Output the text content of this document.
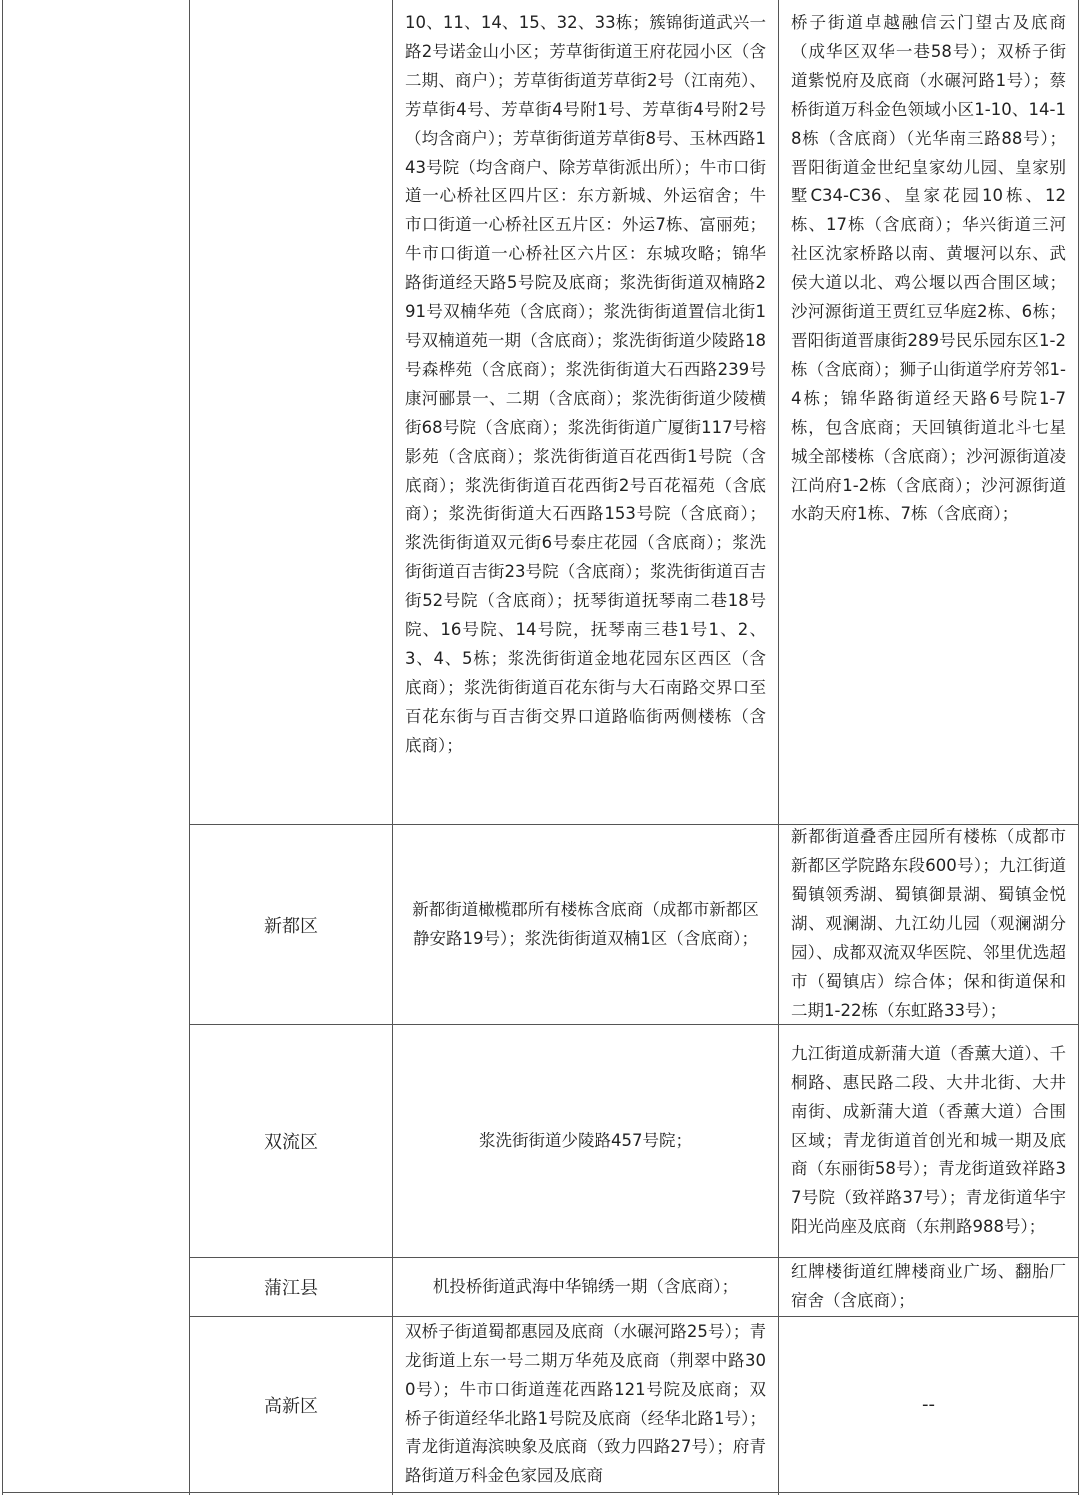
10、11、14、15、32、33栋；簇锦街道武兴一路2号诺金山小区；芳草街街道王府花园小区（含二期、商户）；芳草街街道芳草街2号（江南苑）、芳草街4号、芳草街4号附1号、芳草街4号附2号（均含商户）；芳草街街道芳草街8号、玉林西路143号院（均含商户、除芳草街派出所）；牛市口街道一心桥社区四片区：东方新城、外运宿舍；牛市口街道一心桥社区五片区：外运7栋、富丽苑；牛市口街道一心桥社区六片区：东城攻略；锦华路街道经天路5号院及底商；浆洗街街道双楠路291号双楠华苑（含底商）；浆洗街街道置信北街1号双楠道苑一期（含底商）；浆洗街街道少陵路18号森桦苑（含底商）；浆洗街街道大石西路239号康河郦景一、二期（含底商）；浆洗街街道少陵横街68号院（含底商）；浆洗街街道广厦街117号榕影苑（含底商）；浆洗街街道百花西街1号院（含底商）；浆洗街街道百花西街2号百花福苑（含底商）；浆洗街街道大石西路153号院（含底商）；浆洗街街道双元街6号泰庄花园（含底商）；浆洗街街道百吉街23号院（含底商）；浆洗街街道百吉街52号院（含底商）；抚琴街道抚琴南二巷18号院、16号院、14号院，抚琴南三巷1号1、2、3、4、5栋；浆洗街街道金地花园东区西区（含底商）；浆洗街街道百花东街与大石南路交界口至百花东街与百吉街交界口道路临街两侧楼栋（含底商）；
桥子街道卓越融信云门望古及底商（成华区双华一巷58号）；双桥子街道紫悦府及底商（水碾河路1号）；蔡桥街道万科金色领域小区1-10、14-18栋（含底商）（光华南三路88号）；晋阳街道金世纪皇家幼儿园、皇家别墅C34-C36、皇家花园10栋、12栋、17栋（含底商）；华兴街道三河社区沈家桥路以南、黄堰河以东、武侯大道以北、鸡公堰以西合围区域；沙河源街道王贾红豆华庭2栋、6栋；晋阳街道晋康街289号民乐园东区1-2栋（含底商）；狮子山街道学府芳邻1-4栋；锦华路街道经天路6号院1-7栋，包含底商；天回镇街道北斗七星城全部楼栋（含底商）；沙河源街道凌江尚府1-2栋（含底商）；沙河源街道水韵天府1栋、7栋（含底商）；
新都区
新都街道橄榄郡所有楼栋含底商（成都市新都区静安路19号）；浆洗街街道双楠1区（含底商）；
新都街道叠香庄园所有楼栋（成都市新都区学院路东段600号）；九江街道蜀镇领秀湖、蜀镇御景湖、蜀镇金悦湖、观澜湖、九江幼儿园（观澜湖分园）、成都双流双华医院、邻里优选超市（蜀镇店）综合体；保和街道保和二期1-22栋（东虹路33号）；
双流区	浆洗街街道少陵路457号院；
九江街道成新蒲大道（香薰大道）、千桐路、惠民路二段、大井北街、大井南街、成新蒲大道（香薰大道）合围区域；青龙街道首创光和城一期及底商（东丽街58号）；青龙街道致祥路37号院（致祥路37号）；青龙街道华宇阳光尚座及底商（东荆路988号）；
蒲江县	机投桥街道武海中华锦绣一期（含底商）；
红牌楼街道红牌楼商业广场、翻胎厂宿舍（含底商）；
高新区
双桥子街道蜀都惠园及底商（水碾河路25号）；青龙街道上东一号二期万华苑及底商（荆翠中路300号）；牛市口街道莲花西路121号院及底商；双桥子街道经华北路1号院及底商（经华北路1号）；青龙街道海滨映象及底商（致力四路27号）；府青路街道万科金色家园及底商
--
